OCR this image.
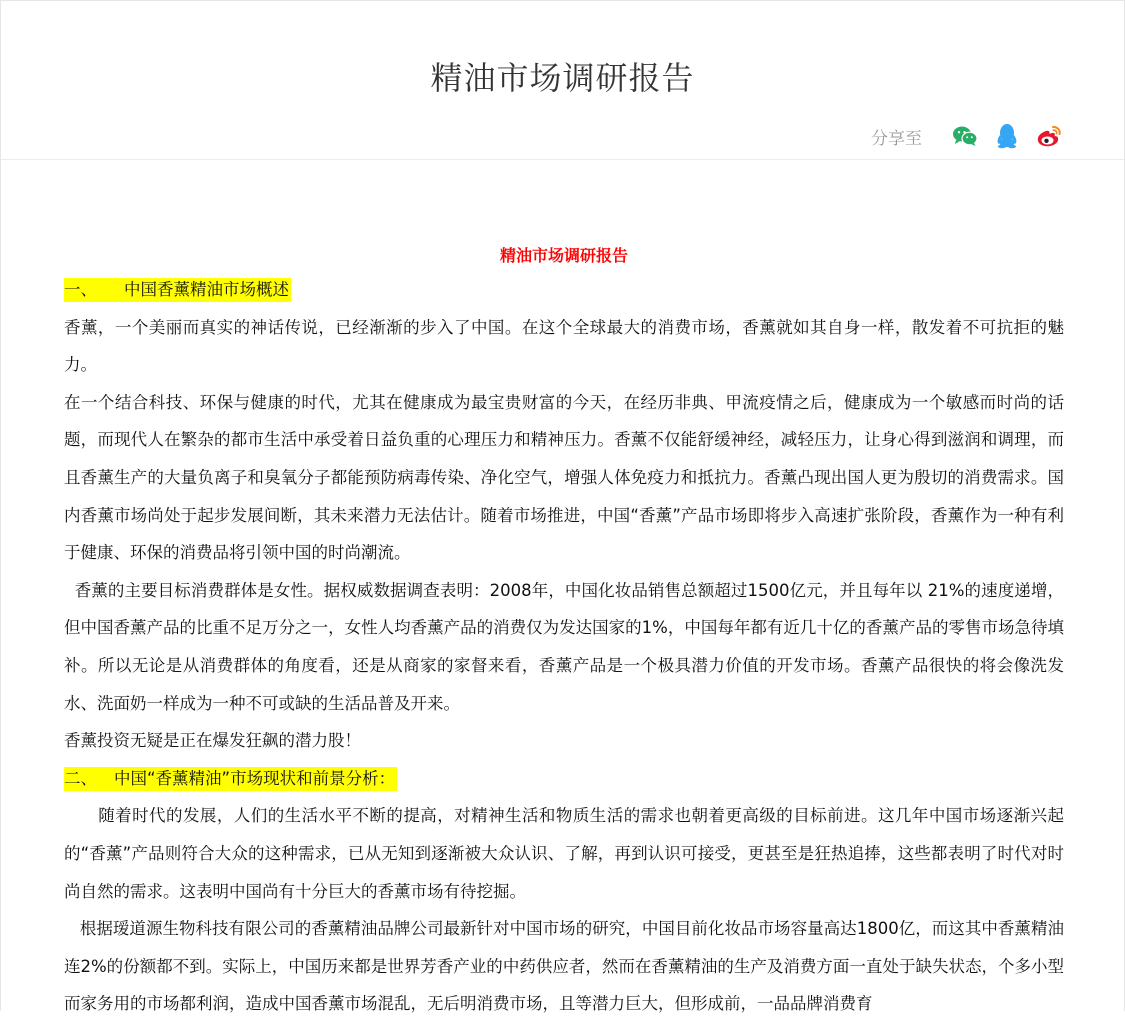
精油市场调研报告
分享至

精油市场调研报告

一、 中国香薰精油市场概述

香薰，一个美丽而真实的神话传说，已经渐渐的步入了中国。在这个全球最大的消费市场，香薰就如其自身一样，散发着不可抗拒的魅力。

在一个结合科技、环保与健康的时代，尤其在健康成为最宝贵财富的今天，在经历非典、甲流疫情之后，健康成为一个敏感而时尚的话题，而现代人在繁杂的都市生活中承受着日益负重的心理压力和精神压力。香薰不仅能舒缓神经，减轻压力，让身心得到滋润和调理，而且香薰生产的大量负离子和臭氧分子都能预防病毒传染、净化空气，增强人体免疫力和抵抗力。香薰凸现出国人更为殷切的消费需求。国内香薰市场尚处于起步发展间断，其未来潜力无法估计。随着市场推进，中国“香薰”产品市场即将步入高速扩张阶段，香薰作为一种有利于健康、环保的消费品将引领中国的时尚潮流。

香薰的主要目标消费群体是女性。据权威数据调查表明：2008年，中国化妆品销售总额超过1500亿元，并且每年以 21%的速度递增，但中国香薰产品的比重不足万分之一，女性人均香薰产品的消费仅为发达国家的1%，中国每年都有近几十亿的香薰产品的零售市场急待填补。所以无论是从消费群体的角度看，还是从商家的家督来看，香薰产品是一个极具潜力价值的开发市场。香薰产品很快的将会像洗发水、洗面奶一样成为一种不可或缺的生活品普及开来。

香薰投资无疑是正在爆发狂飙的潜力股！

二、 中国“香薰精油”市场现状和前景分析：

随着时代的发展，人们的生活水平不断的提高，对精神生活和物质生活的需求也朝着更高级的目标前进。这几年中国市场逐渐兴起的“香薰”产品则符合大众的这种需求，已从无知到逐渐被大众认识、了解，再到认识可接受，更甚至是狂热追捧，这些都表明了时代对时尚自然的需求。这表明中国尚有十分巨大的香薰市场有待挖掘。

根据瑷道源生物科技有限公司的香薰精油品牌公司最新针对中国市场的研究，中国目前化妆品市场容量高达1800亿，而这其中香薰精油连2%的份额都不到。实际上，中国历来都是世界芳香产业的中药供应者，然而在香薰精油的生产及消费方面一直处于缺失状态，个多小型而家务用的市场都利润，造成中国香薰市场混乱，无后明消费市场，且等潜力巨大，但形成前，一品品牌消费育
